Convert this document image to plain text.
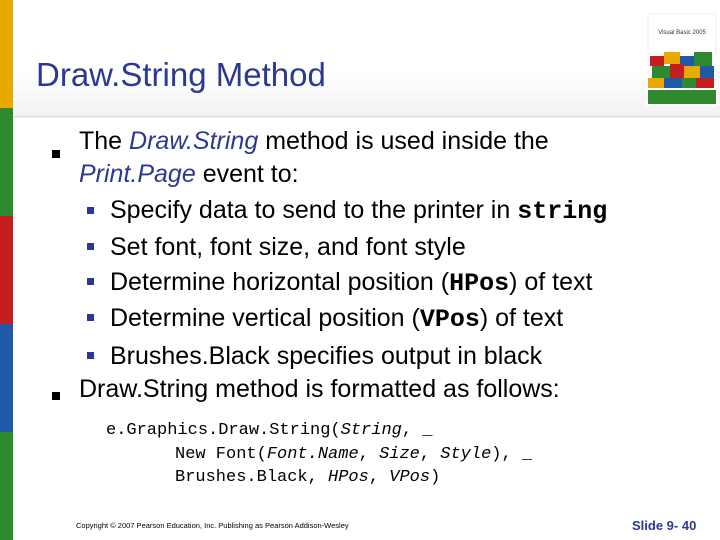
Draw.String Method
Visual Basic 2005
The Draw.String method is used inside the
Print.Page event to:
Specify data to send to the printer in string
Set font, font size, and font style
Determine horizontal position (HPos) of text
Determine vertical position (VPos) of text
Brushes.Black specifies output in black
Draw.String method is formatted as follows:
e.Graphics.Draw.String(String, _
New Font(Font.Name, Size, Style), _
Brushes.Black, HPos, VPos)
Copyright © 2007 Pearson Education, Inc. Publishing as Pearson Addison-Wesley	Slide 9- 40
